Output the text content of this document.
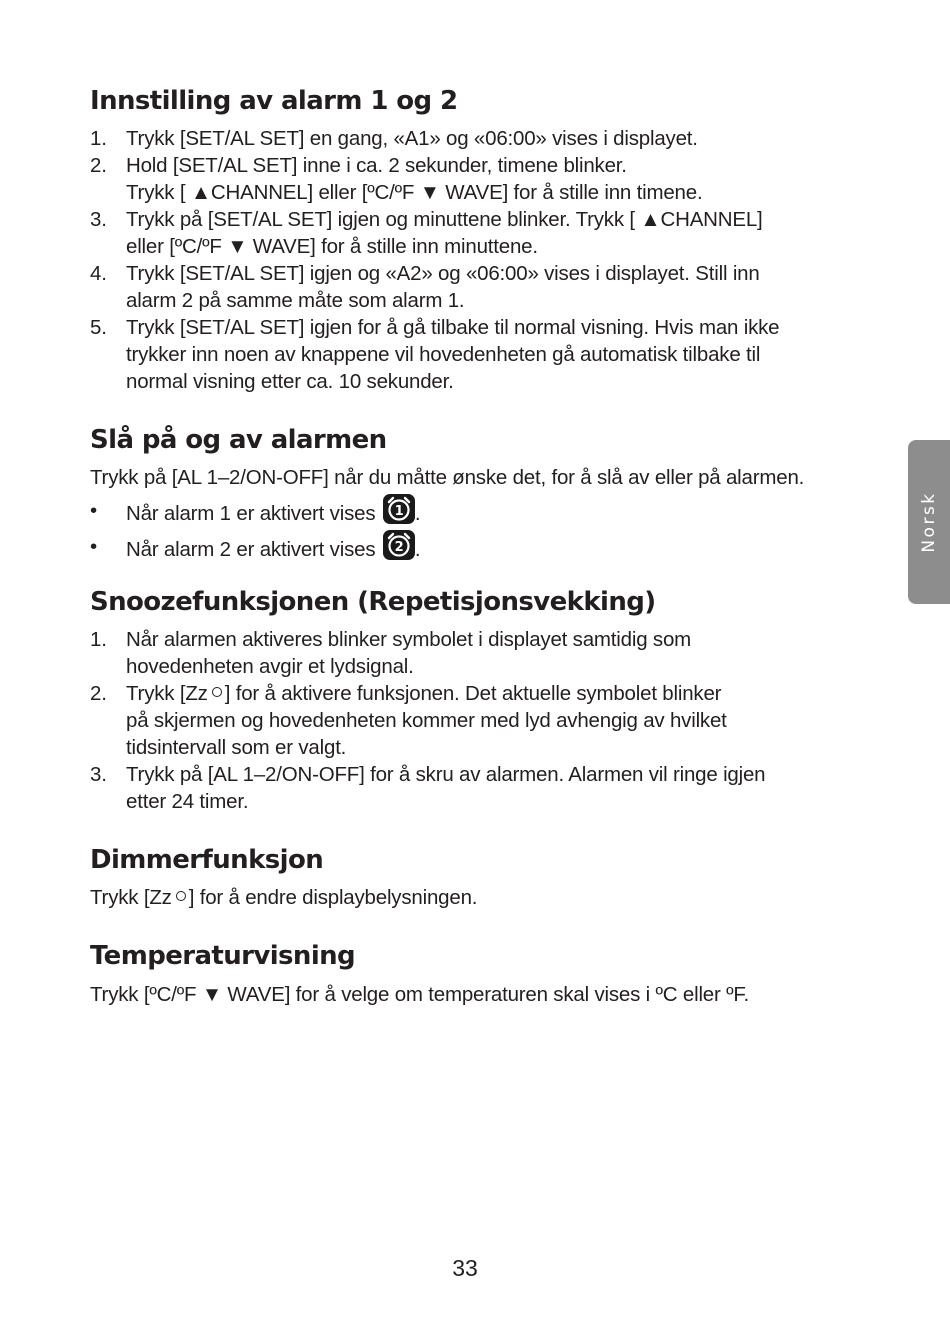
Innstilling av alarm 1 og 2
1. Trykk [SET/AL SET] en gang, «A1» og «06:00» vises i displayet.
2. Hold [SET/AL SET] inne i ca. 2 sekunder, timene blinker.
Trykk [ ▲CHANNEL] eller [ºC/ºF ▼ WAVE] for å stille inn timene.
3. Trykk på [SET/AL SET] igjen og minuttene blinker. Trykk [ ▲CHANNEL]
eller [ºC/ºF ▼ WAVE] for å stille inn minuttene.
4. Trykk [SET/AL SET] igjen og «A2» og «06:00» vises i displayet. Still inn
alarm 2 på samme måte som alarm 1.
5. Trykk [SET/AL SET] igjen for å gå tilbake til normal visning. Hvis man ikke
trykker inn noen av knappene vil hovedenheten gå automatisk tilbake til
normal visning etter ca. 10 sekunder.
Slå på og av alarmen

Trykk på [AL 1–2/ON-OFF] når du måtte ønske det, for å slå av eller på alarmen.

• Når alarm 1 er aktivert vises 1 .
• Når alarm 2 er aktivert vises 2 .
Snoozefunksjonen (Repetisjonsvekking)
1. Når alarmen aktiveres blinker symbolet i displayet samtidig som
hovedenheten avgir et lydsignal.
2. Trykk [Zz ] for å aktivere funksjonen. Det aktuelle symbolet blinker
på skjermen og hovedenheten kommer med lyd avhengig av hvilket
tidsintervall som er valgt.
3. Trykk på [AL 1–2/ON-OFF] for å skru av alarmen. Alarmen vil ringe igjen
etter 24 timer.
Dimmerfunksjon

Trykk [Zz ] for å endre displaybelysningen.

Temperaturvisning

Trykk [ºC/ºF ▼ WAVE] for å velge om temperaturen skal vises i ºC eller ºF.

Norsk
33
